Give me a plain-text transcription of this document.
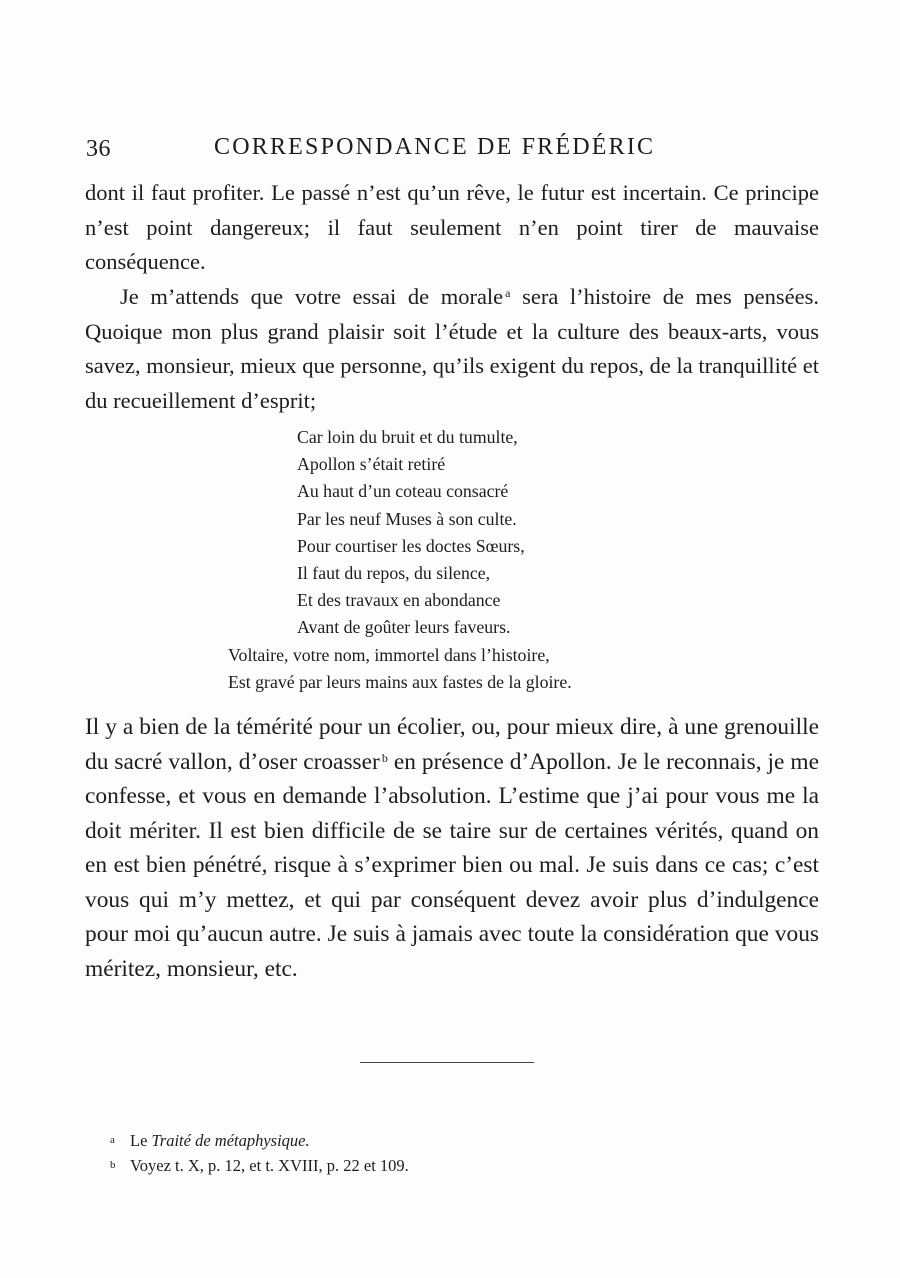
36	CORRESPONDANCE DE FRÉDÉRIC

dont il faut profiter. Le passé n’est qu’un rêve, le futur est incertain. Ce principe n’est point dangereux; il faut seulement n’en point tirer de mauvaise conséquence.

Je m’attends que votre essai de morale $^a$ sera l’histoire de mes pensées. Quoique mon plus grand plaisir soit l’étude et la culture des beaux-arts, vous savez, monsieur, mieux que personne, qu’ils exigent du repos, de la tranquillité et du recueillement d’esprit;

Car loin du bruit et du tumulte,
Apollon s’était retiré
Au haut d’un coteau consacré
Par les neuf Muses à son culte.
Pour courtiser les doctes Sœurs,
Il faut du repos, du silence,
Et des travaux en abondance
Avant de goûter leurs faveurs.
Voltaire, votre nom, immortel dans l’histoire,
Est gravé par leurs mains aux fastes de la gloire.

Il y a bien de la témérité pour un écolier, ou, pour mieux dire, à une grenouille du sacré vallon, d’oser croasser $^b$ en présence d’Apollon. Je le reconnais, je me confesse, et vous en demande l’absolution. L’estime que j’ai pour vous me la doit mériter. Il est bien difficile de se taire sur de certaines vérités, quand on en est bien pénétré, risque à s’exprimer bien ou mal. Je suis dans ce cas; c’est vous qui m’y mettez, et qui par conséquent devez avoir plus d’indulgence pour moi qu’aucun autre. Je suis à jamais avec toute la considération que vous méritez, monsieur, etc.

a Le Traité de métaphysique.
b Voyez t. X, p. 12, et t. XVIII, p. 22 et 109.
